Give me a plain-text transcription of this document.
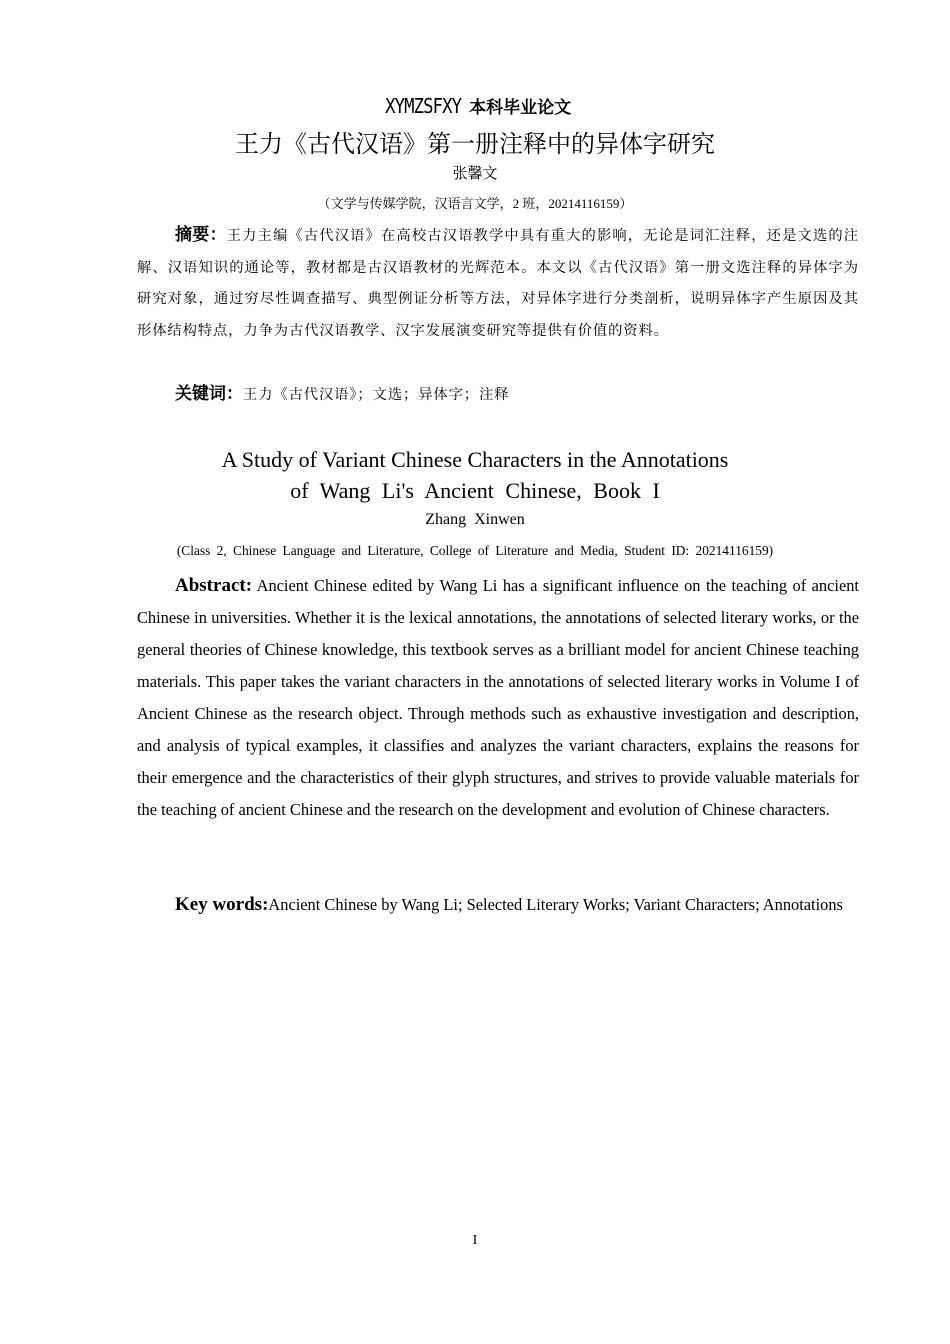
XYMZSFXY 本科毕业论文
王力《古代汉语》第一册注释中的异体字研究
张馨文
（文学与传媒学院，汉语言文学，2 班，20214116159）
摘要：王力主编《古代汉语》在高校古汉语教学中具有重大的影响，无论是词汇注释，还是文选的注解、汉语知识的通论等，教材都是古汉语教材的光辉范本。本文以《古代汉语》第一册文选注释的异体字为研究对象，通过穷尽性调查描写、典型例证分析等方法，对异体字进行分类剖析，说明异体字产生原因及其形体结构特点，力争为古代汉语教学、汉字发展演变研究等提供有价值的资料。
关键词：王力《古代汉语》；文选；异体字；注释
A Study of Variant Chinese Characters in the Annotations
of Wang Li's Ancient Chinese, Book I
Zhang Xinwen
(Class 2, Chinese Language and Literature, College of Literature and Media, Student ID: 20214116159)
Abstract: Ancient Chinese edited by Wang Li has a significant influence on the teaching of ancient Chinese in universities. Whether it is the lexical annotations, the annotations of selected literary works, or the general theories of Chinese knowledge, this textbook serves as a brilliant model for ancient Chinese teaching materials. This paper takes the variant characters in the annotations of selected literary works in Volume I of Ancient Chinese as the research object. Through methods such as exhaustive investigation and description, and analysis of typical examples, it classifies and analyzes the variant characters, explains the reasons for their emergence and the characteristics of their glyph structures, and strives to provide valuable materials for the teaching of ancient Chinese and the research on the development and evolution of Chinese characters.
Key words:Ancient Chinese by Wang Li; Selected Literary Works; Variant Characters; Annotations
I
